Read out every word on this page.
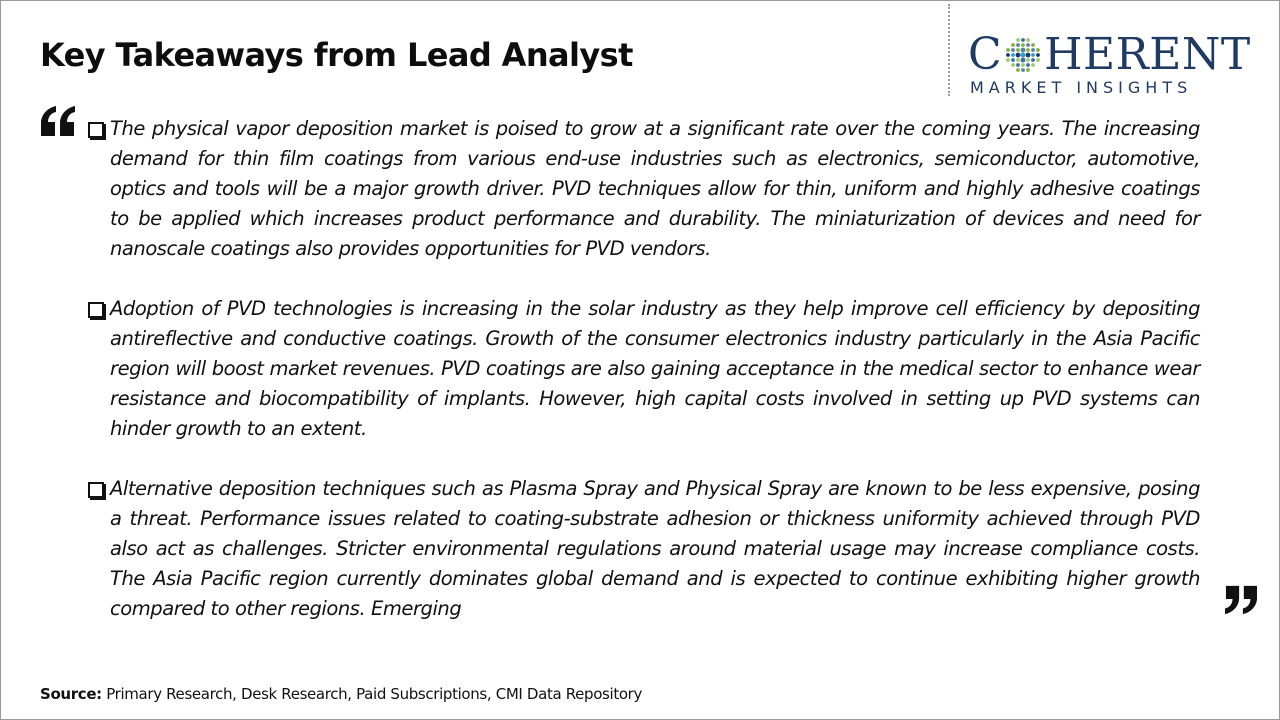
Key Takeaways from Lead Analyst	C HERENT
MARKET INSIGHTS

The physical vapor deposition market is poised to grow at a significant rate over the coming years. The increasing demand for thin film coatings from various end-use industries such as electronics, semiconductor, automotive, optics and tools will be a major growth driver. PVD techniques allow for thin, uniform and highly adhesive coatings to be applied which increases product performance and durability. The miniaturization of devices and need for nanoscale coatings also provides opportunities for PVD vendors.

Adoption of PVD technologies is increasing in the solar industry as they help improve cell efficiency by depositing antireflective and conductive coatings. Growth of the consumer electronics industry particularly in the Asia Pacific region will boost market revenues. PVD coatings are also gaining acceptance in the medical sector to enhance wear resistance and biocompatibility of implants. However, high capital costs involved in setting up PVD systems can hinder growth to an extent.

Alternative deposition techniques such as Plasma Spray and Physical Spray are known to be less expensive, posing a threat. Performance issues related to coating-substrate adhesion or thickness uniformity achieved through PVD also act as challenges. Stricter environmental regulations around material usage may increase compliance costs. The Asia Pacific region currently dominates global demand and is expected to continue exhibiting higher growth compared to other regions. Emerging

Source: Primary Research, Desk Research, Paid Subscriptions, CMI Data Repository
